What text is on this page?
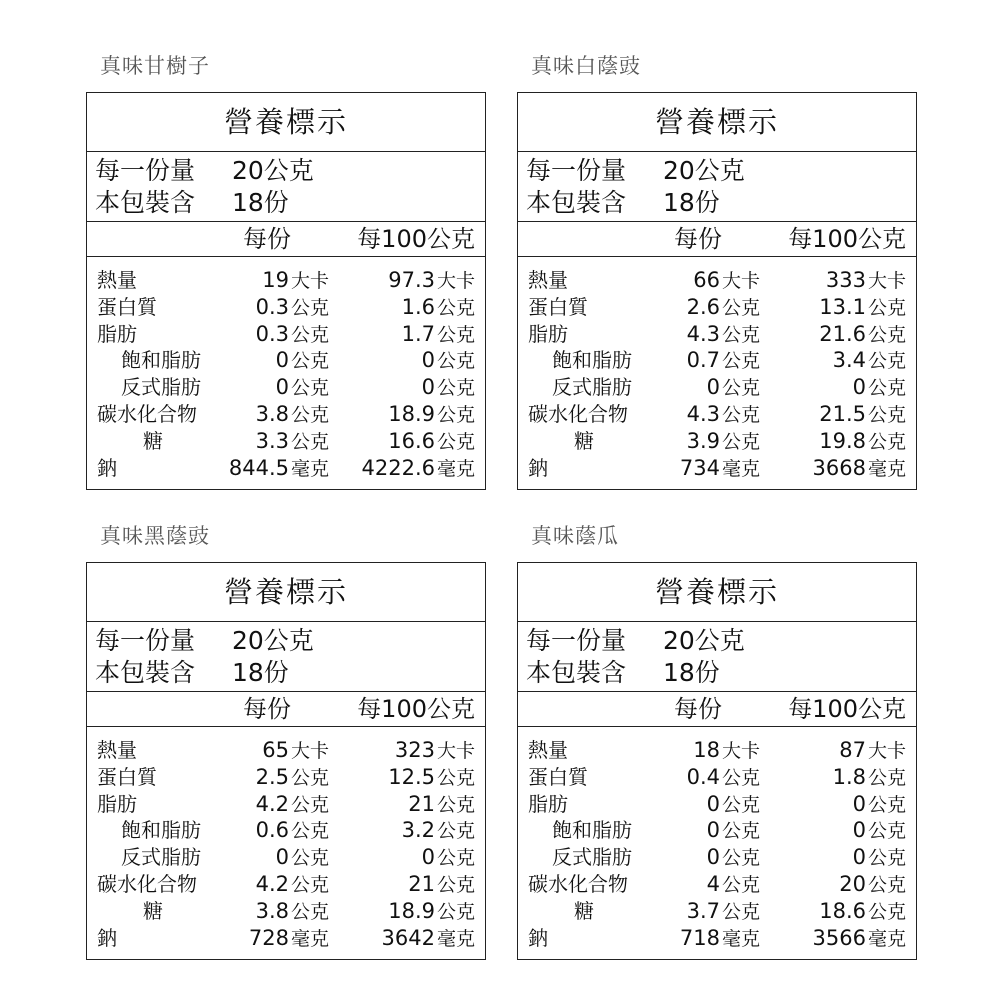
真味甘樹子
營養標示
每一份量 20公克
本包裝含 18份
每份	每100公克
熱量	19 大卡	97.3 大卡
蛋白質	0.3 公克	1.6 公克
脂肪	0.3 公克	1.7 公克
飽和脂肪	0 公克	0 公克
反式脂肪	0 公克	0 公克
碳水化合物	3.8 公克	18.9 公克
糖	3.3 公克	16.6 公克
鈉	844.5 毫克 4222.6 毫克
真味白蔭豉
營養標示
每一份量 20公克
本包裝含 18份
每份	每100公克
熱量	66 大卡	333 大卡
蛋白質	2.6 公克	13.1 公克
脂肪	4.3 公克	21.6 公克
飽和脂肪	0.7 公克	3.4 公克
反式脂肪	0 公克	0 公克
碳水化合物	4.3 公克	21.5 公克
糖	3.9 公克	19.8 公克
鈉	734 毫克	3668 毫克
真味黑蔭豉
營養標示
每一份量 20公克
本包裝含 18份
每份	每100公克
熱量	65 大卡	323 大卡
蛋白質	2.5 公克	12.5 公克
脂肪	4.2 公克	21 公克
飽和脂肪	0.6 公克	3.2 公克
反式脂肪	0 公克	0 公克
碳水化合物	4.2 公克	21 公克
糖	3.8 公克	18.9 公克
鈉	728 毫克	3642 毫克
真味蔭瓜
營養標示
每一份量 20公克
本包裝含 18份
每份	每100公克
熱量	18 大卡	87 大卡
蛋白質	0.4 公克	1.8 公克
脂肪	0 公克	0 公克
飽和脂肪	0 公克	0 公克
反式脂肪	0 公克	0 公克
碳水化合物	4 公克	20 公克
糖	3.7 公克	18.6 公克
鈉	718 毫克	3566 毫克
